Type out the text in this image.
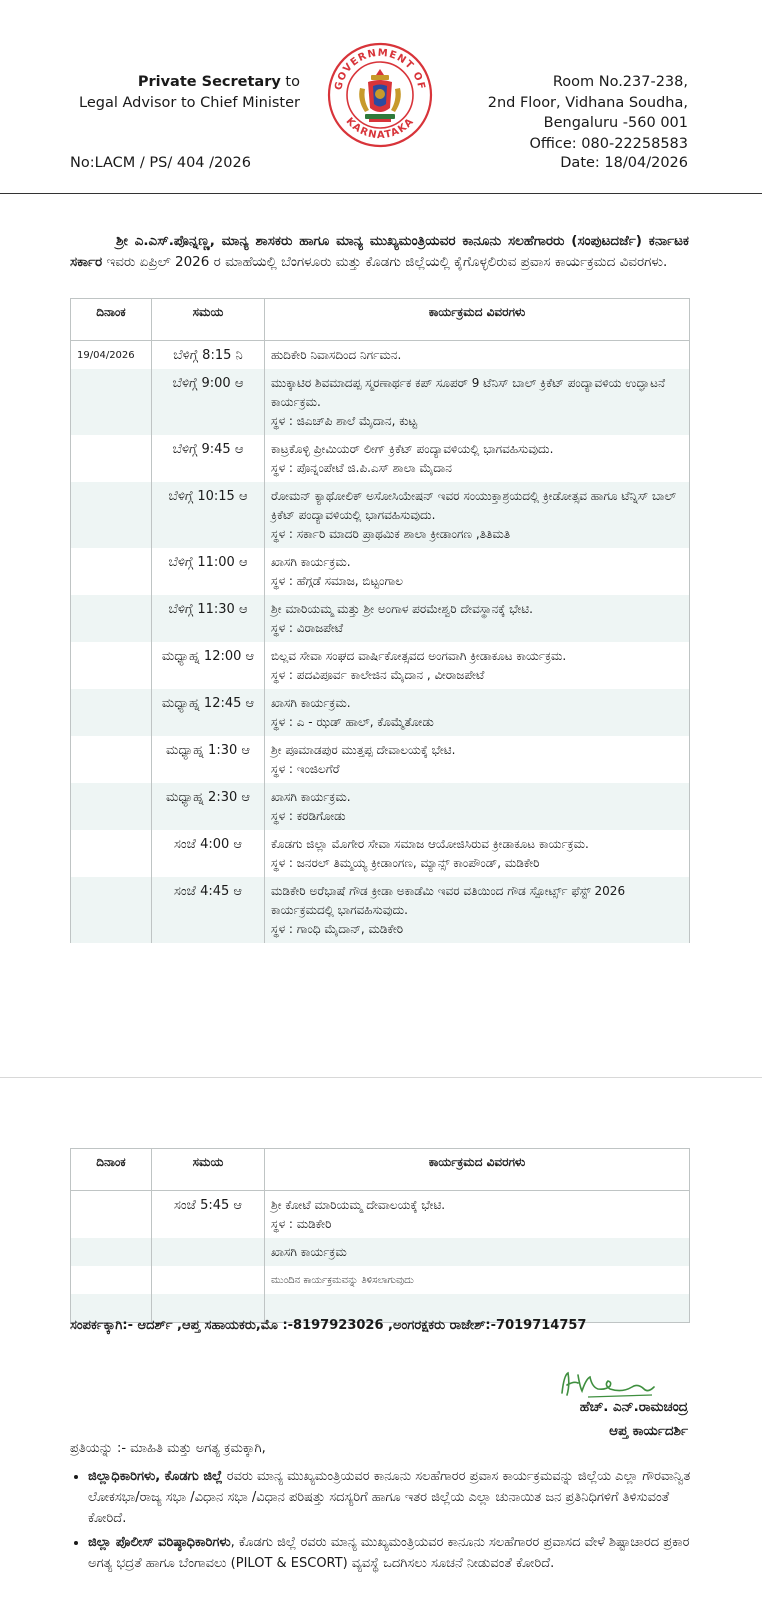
Private Secretary to
Legal Advisor to Chief Minister
GOVERNMENT OF
KARNATAKA
Room No.237-238,
2nd Floor, Vidhana Soudha,
Bengaluru -560 001
Office: 080-22258583
No:LACM / PS/ 404 /2026	Date: 18/04/2026
ಶ್ರೀ ಎ.ಎಸ್.ಪೊನ್ನಣ್ಣ, ಮಾನ್ಯ ಶಾಸಕರು ಹಾಗೂ ಮಾನ್ಯ ಮುಖ್ಯಮಂತ್ರಿಯವರ ಕಾನೂನು ಸಲಹೆಗಾರರು (ಸಂಪುಟದರ್ಜೆ) ಕರ್ನಾಟಕ ಸರ್ಕಾರ ಇವರು ಏಪ್ರಿಲ್ 2026 ರ ಮಾಹೆಯಲ್ಲಿ ಬೆಂಗಳೂರು ಮತ್ತು ಕೊಡಗು ಜಿಲ್ಲೆಯಲ್ಲಿ ಕೈಗೊಳ್ಳಲಿರುವ ಪ್ರವಾಸ ಕಾರ್ಯಕ್ರಮದ ವಿವರಗಳು.
ದಿನಾಂಕ	ಸಮಯ	ಕಾರ್ಯಕ್ರಮದ ವಿವರಗಳು
19/04/2026	ಬೆಳಿಗ್ಗೆ 8:15 ನಿ	ಹುದಿಕೇರಿ ನಿವಾಸದಿಂದ ನಿರ್ಗಮನ.

	ಬೆಳಿಗ್ಗೆ 9:00 ಆ	ಮುಕ್ಕಾಟಿರ ಶಿವಮಾದಪ್ಪ ಸ್ಮರಣಾರ್ಥಕ ಕಪ್ ಸೂಪರ್ 9 ಟೆನಿಸ್ ಬಾಲ್ ಕ್ರಿಕೆಟ್ ಪಂದ್ಯಾವಳಿಯ ಉದ್ಘಾಟನೆ ಕಾರ್ಯಕ್ರಮ.
ಸ್ಥಳ : ಜಿಎಚ್‌ಪಿ ಶಾಲೆ ಮೈದಾನ, ಕುಟ್ಟ

	ಬೆಳಿಗ್ಗೆ 9:45 ಆ	ಕಾಟ್ರಕೊಳ್ಳಿ ಪ್ರೀಮಿಯರ್ ಲೀಗ್ ಕ್ರಿಕೆಟ್ ಪಂದ್ಯಾವಳಿಯಲ್ಲಿ ಭಾಗವಹಿಸುವುದು.
ಸ್ಥಳ : ಪೊನ್ನಂಪೇಟೆ ಜಿ.ಪಿ.ಎಸ್ ಶಾಲಾ ಮೈದಾನ

	ಬೆಳಿಗ್ಗೆ 10:15 ಆ	ರೋಮನ್ ಕ್ಯಾಥೋಲಿಕ್ ಅಸೋಸಿಯೇಷನ್ ಇವರ ಸಂಯುಕ್ತಾಶ್ರಯದಲ್ಲಿ ಕ್ರೀಡೋತ್ಸವ ಹಾಗೂ ಟೆನ್ನಿಸ್ ಬಾಲ್ ಕ್ರಿಕೆಟ್ ಪಂದ್ಯಾವಳಿಯಲ್ಲಿ ಭಾಗವಹಿಸುವುದು.
ಸ್ಥಳ : ಸರ್ಕಾರಿ ಮಾದರಿ ಪ್ರಾಥಮಿಕ ಶಾಲಾ ಕ್ರೀಡಾಂಗಣ ,ತಿತಿಮತಿ

	ಬೆಳಿಗ್ಗೆ 11:00 ಆ	ಖಾಸಗಿ ಕಾರ್ಯಕ್ರಮ.
ಸ್ಥಳ : ಹೆಗ್ಗಡೆ ಸಮಾಜ, ಬಿಟ್ಟಂಗಾಲ

	ಬೆಳಿಗ್ಗೆ 11:30 ಆ	ಶ್ರೀ ಮಾರಿಯಮ್ಮ ಮತ್ತು ಶ್ರೀ ಅಂಗಾಳ ಪರಮೇಶ್ವರಿ ದೇವಸ್ಥಾನಕ್ಕೆ ಭೇಟಿ.
ಸ್ಥಳ : ವಿರಾಜಪೇಟೆ

	ಮಧ್ಯಾಹ್ನ 12:00 ಆ	ಬಿಲ್ಲವ ಸೇವಾ ಸಂಘದ ವಾರ್ಷಿಕೋತ್ಸವದ ಅಂಗವಾಗಿ ಕ್ರೀಡಾಕೂಟ ಕಾರ್ಯಕ್ರಮ.
ಸ್ಥಳ : ಪದವಿಪೂರ್ವ ಕಾಲೇಜಿನ ಮೈದಾನ , ವೀರಾಜಪೇಟೆ

	ಮಧ್ಯಾಹ್ನ 12:45 ಆ	ಖಾಸಗಿ ಕಾರ್ಯಕ್ರಮ.
ಸ್ಥಳ : ಎ - ಝಡ್ ಹಾಲ್, ಕೊಮ್ಮೆತೋಡು

	ಮಧ್ಯಾಹ್ನ 1:30 ಆ	ಶ್ರೀ ಪೂಮಾಡಪುರ ಮುತ್ತಪ್ಪ ದೇವಾಲಯಕ್ಕೆ ಭೇಟಿ.
ಸ್ಥಳ : ಇಂಜಿಲಗೆರೆ

	ಮಧ್ಯಾಹ್ನ 2:30 ಆ	ಖಾಸಗಿ ಕಾರ್ಯಕ್ರಮ.
ಸ್ಥಳ : ಕರಡಿಗೋಡು

	ಸಂಜೆ 4:00 ಆ	ಕೊಡಗು ಜಿಲ್ಲಾ ಮೊಗೇರ ಸೇವಾ ಸಮಾಜ ಆಯೋಜಿಸಿರುವ ಕ್ರೀಡಾಕೂಟ ಕಾರ್ಯಕ್ರಮ.
ಸ್ಥಳ : ಜನರಲ್ ತಿಮ್ಮಯ್ಯ ಕ್ರೀಡಾಂಗಣ, ಮ್ಯಾನ್ಸ್ ಕಾಂಪೌಂಡ್, ಮಡಿಕೇರಿ

	ಸಂಜೆ 4:45 ಆ	ಮಡಿಕೇರಿ ಅರೆಭಾಷೆ ಗೌಡ ಕ್ರೀಡಾ ಅಕಾಡೆಮಿ ಇವರ ವತಿಯಿಂದ ಗೌಡ ಸ್ಪೋರ್ಟ್ಸ್ ಫೆಸ್ಟ್ 2026 ಕಾರ್ಯಕ್ರಮದಲ್ಲಿ ಭಾಗವಹಿಸುವುದು.
ಸ್ಥಳ : ಗಾಂಧಿ ಮೈದಾನ್, ಮಡಿಕೇರಿ
ದಿನಾಂಕ	ಸಮಯ	ಕಾರ್ಯಕ್ರಮದ ವಿವರಗಳು
	ಸಂಜೆ 5:45 ಆ	ಶ್ರೀ ಕೋಟೆ ಮಾರಿಯಮ್ಮ ದೇವಾಲಯಕ್ಕೆ ಭೇಟಿ.
ಸ್ಥಳ : ಮಡಿಕೇರಿ

		ಖಾಸಗಿ ಕಾರ್ಯಕ್ರಮ

		ಮುಂದಿನ ಕಾರ್ಯಕ್ರಮವನ್ನು ತಿಳಿಸಲಾಗುವುದು

ಸಂಪರ್ಕಕ್ಕಾಗಿ:- ಆದರ್ಶ್ ,ಆಪ್ತ ಸಹಾಯಕರು,ಮೊ :-8197923026 ,ಅಂಗರಕ್ಷಕರು ರಾಜೇಶ್:-7019714757
ಹೆಚ್. ಎನ್.ರಾಮಚಂದ್ರ
ಆಪ್ತ ಕಾರ್ಯದರ್ಶಿ
ಪ್ರತಿಯನ್ನು :- ಮಾಹಿತಿ ಮತ್ತು ಅಗತ್ಯ ಕ್ರಮಕ್ಕಾಗಿ,
• ಜಿಲ್ಲಾಧಿಕಾರಿಗಳು, ಕೊಡಗು ಜಿಲ್ಲೆ ರವರು ಮಾನ್ಯ ಮುಖ್ಯಮಂತ್ರಿಯವರ ಕಾನೂನು ಸಲಹೆಗಾರರ ಪ್ರವಾಸ ಕಾರ್ಯಕ್ರಮವನ್ನು ಜಿಲ್ಲೆಯ ಎಲ್ಲಾ ಗೌರವಾನ್ವಿತ ಲೋಕಸಭಾ/ರಾಜ್ಯ ಸಭಾ /ವಿಧಾನ ಸಭಾ /ವಿಧಾನ ಪರಿಷತ್ತು ಸದಸ್ಯರಿಗೆ ಹಾಗೂ ಇತರ ಜಿಲ್ಲೆಯ ಎಲ್ಲಾ ಚುನಾಯಿತ ಜನ ಪ್ರತಿನಿಧಿಗಳಿಗೆ ತಿಳಿಸುವಂತೆ ಕೋರಿದೆ.
• ಜಿಲ್ಲಾ ಪೊಲೀಸ್ ವರಿಷ್ಠಾಧಿಕಾರಿಗಳು, ಕೊಡಗು ಜಿಲ್ಲೆ ರವರು ಮಾನ್ಯ ಮುಖ್ಯಮಂತ್ರಿಯವರ ಕಾನೂನು ಸಲಹೆಗಾರರ ಪ್ರವಾಸದ ವೇಳೆ ಶಿಷ್ಟಾಚಾರದ ಪ್ರಕಾರ ಅಗತ್ಯ ಭದ್ರತೆ ಹಾಗೂ ಬೆಂಗಾವಲು (PILOT & ESCORT) ವ್ಯವಸ್ಥೆ ಒದಗಿಸಲು ಸೂಚನೆ ನೀಡುವಂತೆ ಕೋರಿದೆ.
